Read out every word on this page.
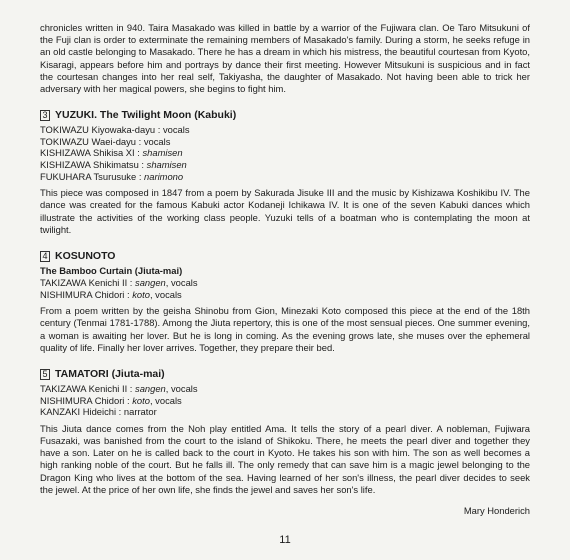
chronicles written in 940. Taira Masakado was killed in battle by a warrior of the Fujiwara clan. Oe Taro Mitsukuni of the Fuji clan is order to exterminate the remaining members of Masakado's family. During a storm, he seeks refuge in an old castle belonging to Masakado. There he has a dream in which his mistress, the beautiful courtesan from Kyoto, Kisaragi, appears before him and portrays by dance their first meeting. However Mitsukuni is suspicious and in fact the courtesan changes into her real self, Takiyasha, the daughter of Masakado. Not having been able to trick her adversary with her magical powers, she begins to fight him.

3 YUZUKI. The Twilight Moon (Kabuki)
TOKIWAZU Kiyowaka-dayu : vocals
TOKIWAZU Waei-dayu : vocals
KISHIZAWA Shikisa XI : shamisen
KISHIZAWA Shikimatsu : shamisen
FUKUHARA Tsurusuke : narimono

This piece was composed in 1847 from a poem by Sakurada Jisuke III and the music by Kishizawa Koshikibu IV. The dance was created for the famous Kabuki actor Kodaneji Ichikawa IV. It is one of the seven Kabuki dances which illustrate the activities of the working class people. Yuzuki tells of a boatman who is contemplating the moon at twilight.

4 KOSUNOTO
The Bamboo Curtain (Jiuta-mai)
TAKIZAWA Kenichi II : sangen, vocals
NISHIMURA Chidori : koto, vocals

From a poem written by the geisha Shinobu from Gion, Minezaki Koto composed this piece at the end of the 18th century (Tenmai 1781-1788). Among the Jiuta repertory, this is one of the most sensual pieces. One summer evening, a woman is awaiting her lover. But he is long in coming. As the evening grows late, she muses over the ephemeral quality of life. Finally her lover arrives. Together, they prepare their bed.

5 TAMATORI (Jiuta-mai)
TAKIZAWA Kenichi II : sangen, vocals
NISHIMURA Chidori : koto, vocals
KANZAKI Hideichi : narrator

This Jiuta dance comes from the Noh play entitled Ama. It tells the story of a pearl diver. A nobleman, Fujiwara Fusazaki, was banished from the court to the island of Shikoku. There, he meets the pearl diver and together they have a son. Later on he is called back to the court in Kyoto. He takes his son with him. The son as well becomes a high ranking noble of the court. But he falls ill. The only remedy that can save him is a magic jewel belonging to the Dragon King who lives at the bottom of the sea. Having learned of her son's illness, the pearl diver decides to seek the jewel. At the price of her own life, she finds the jewel and saves her son's life.

Mary Honderich
11
